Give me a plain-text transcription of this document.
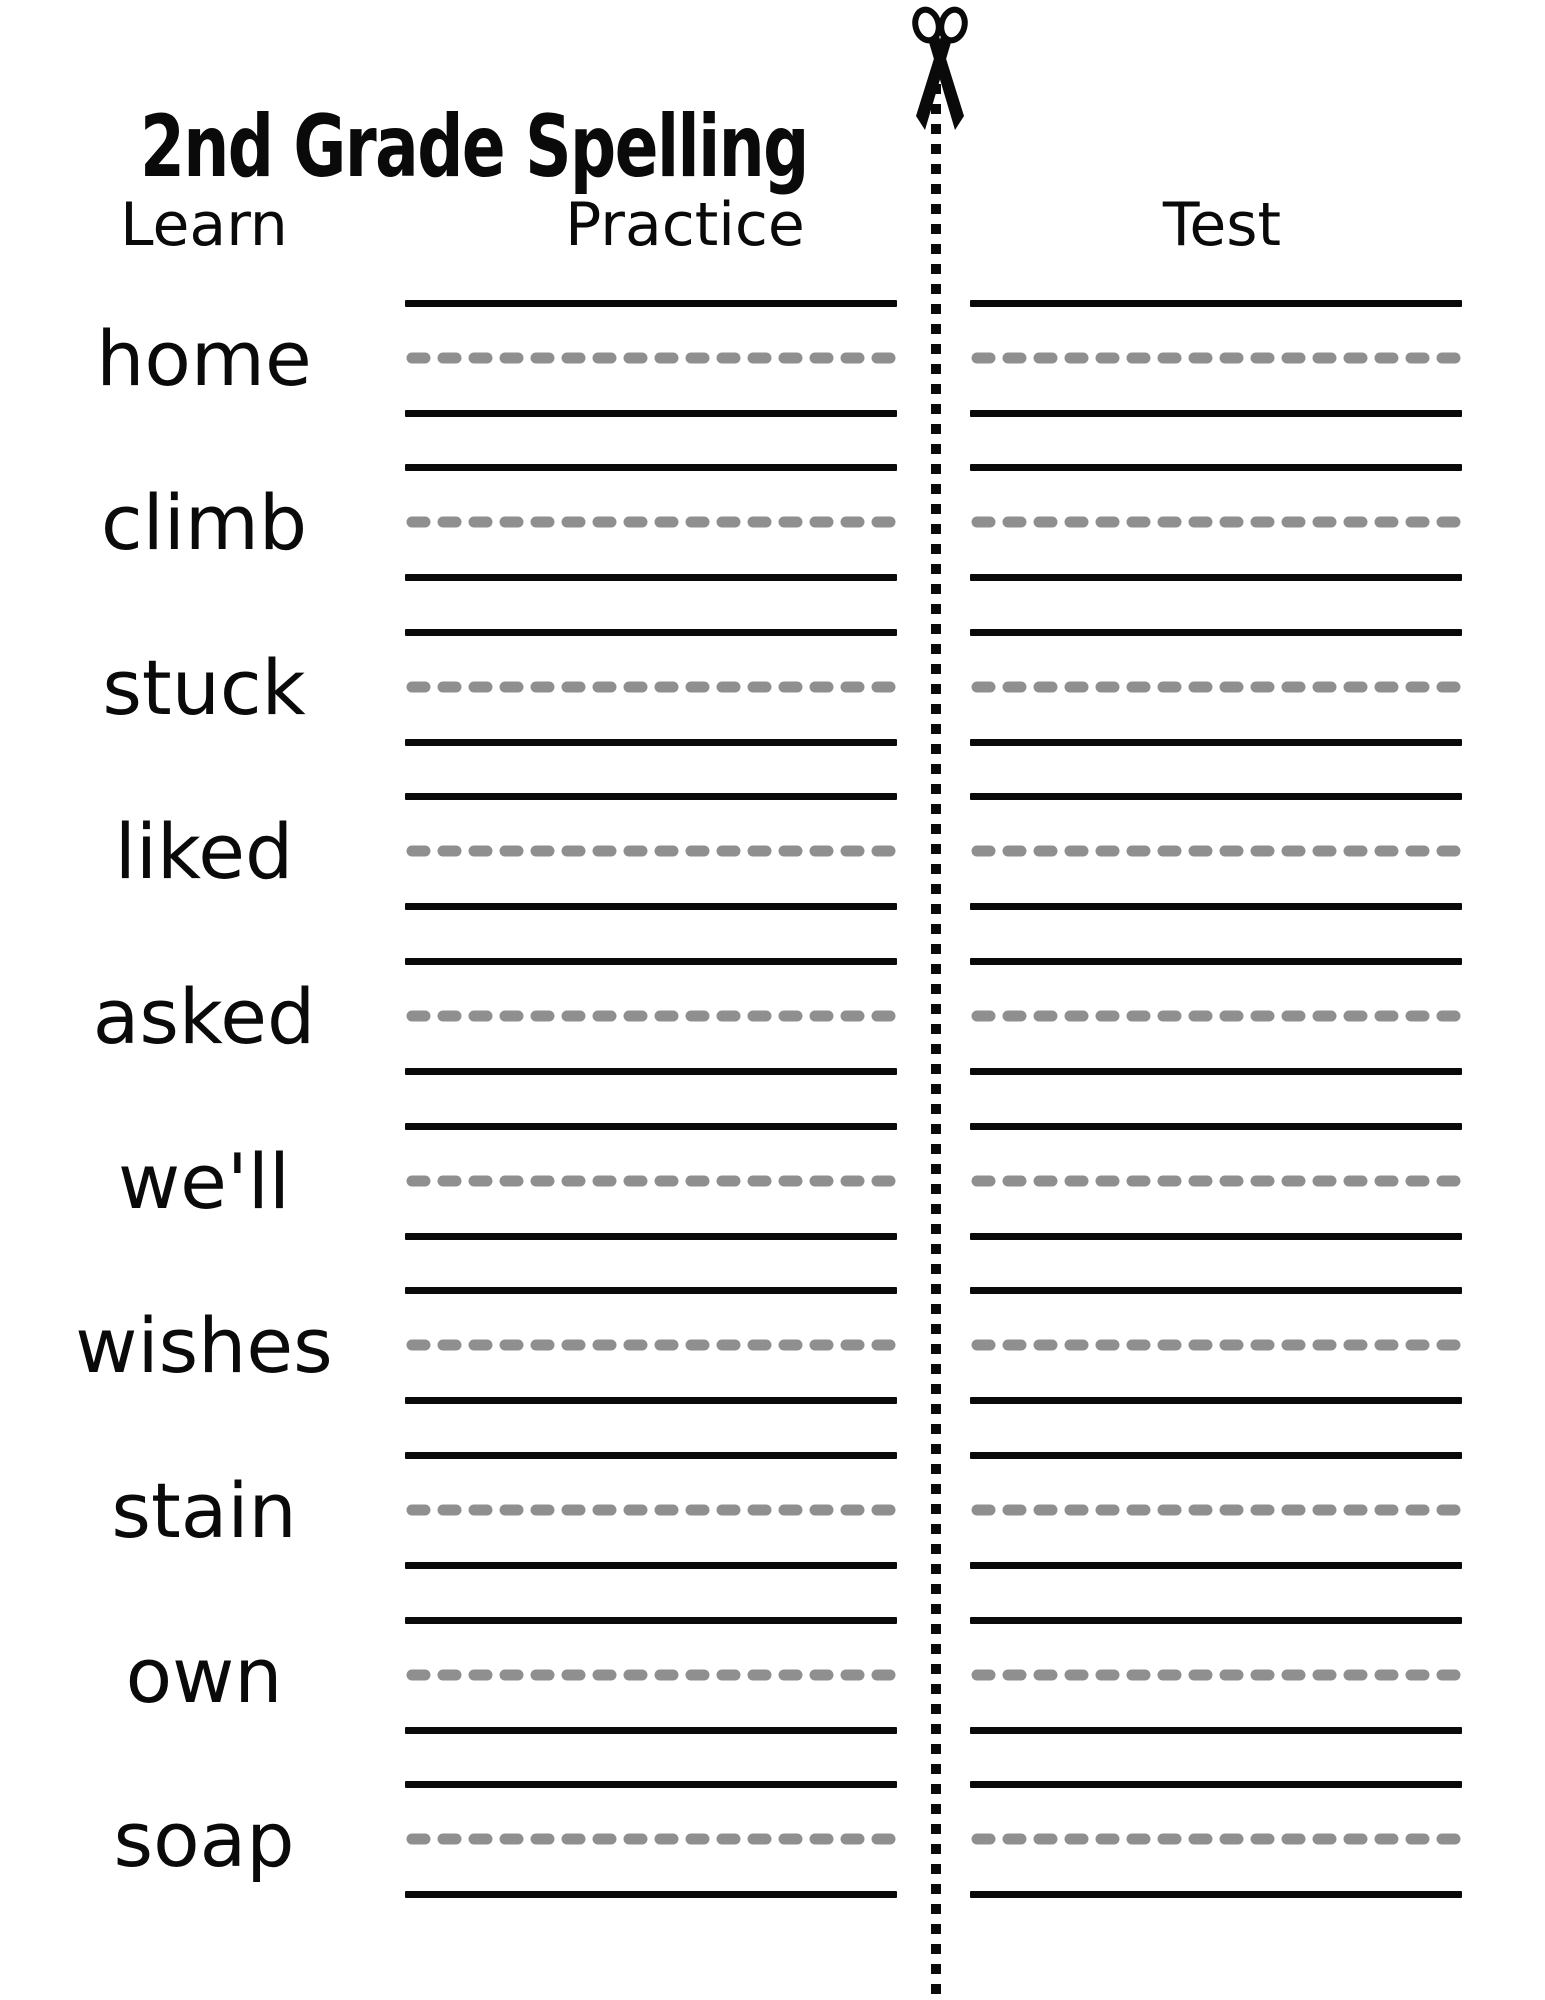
2nd Grade Spelling
Learn	Practice	Test
home
climb
stuck
liked
asked
we'll
wishes
stain
own
soap
